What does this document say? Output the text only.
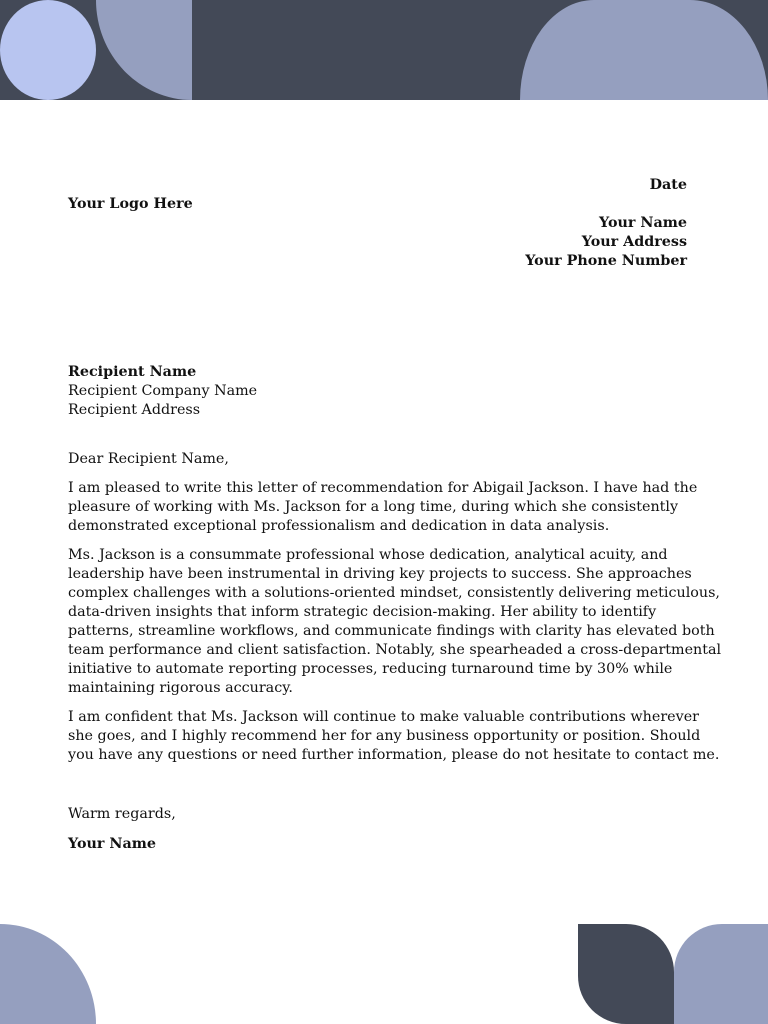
Date
Your Logo Here
Your Name
Your Address
Your Phone Number
Recipient Name
Recipient Company Name
Recipient Address
Dear Recipient Name,
I am pleased to write this letter of recommendation for Abigail Jackson. I have had the
pleasure of working with Ms. Jackson for a long time, during which she consistently
demonstrated exceptional professionalism and dedication in data analysis.
Ms. Jackson is a consummate professional whose dedication, analytical acuity, and
leadership have been instrumental in driving key projects to success. She approaches
complex challenges with a solutions-oriented mindset, consistently delivering meticulous,
data-driven insights that inform strategic decision-making. Her ability to identify
patterns, streamline workflows, and communicate findings with clarity has elevated both
team performance and client satisfaction. Notably, she spearheaded a cross-departmental
initiative to automate reporting processes, reducing turnaround time by 30% while
maintaining rigorous accuracy.
I am confident that Ms. Jackson will continue to make valuable contributions wherever
she goes, and I highly recommend her for any business opportunity or position. Should
you have any questions or need further information, please do not hesitate to contact me.
Warm regards,
Your Name
